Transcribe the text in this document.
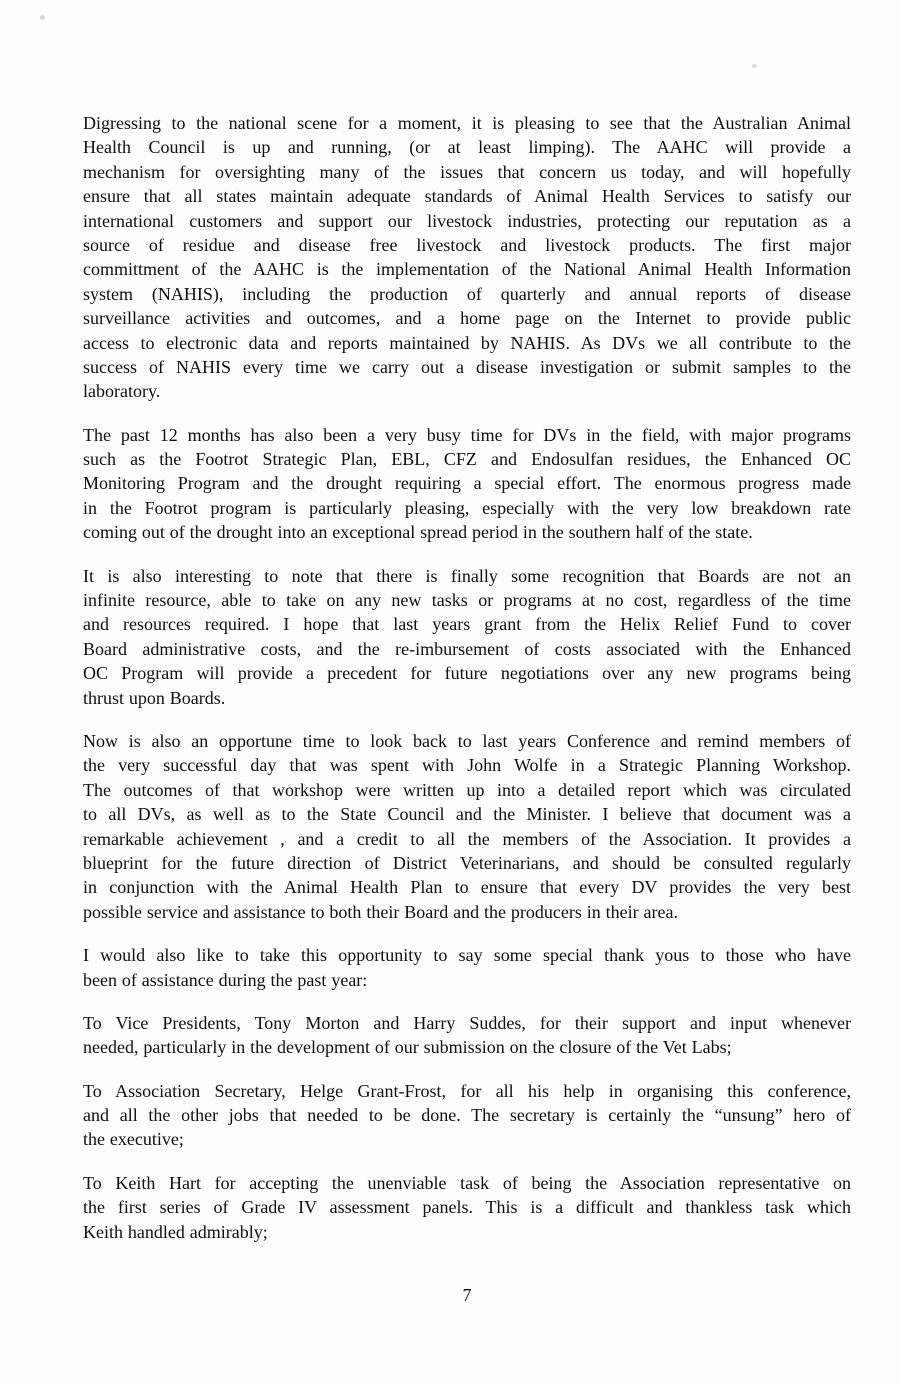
Digressing to the national scene for a moment, it is pleasing to see that the Australian Animal
Health Council is up and running, (or at least limping). The AAHC will provide a
mechanism for oversighting many of the issues that concern us today, and will hopefully
ensure that all states maintain adequate standards of Animal Health Services to satisfy our
international customers and support our livestock industries, protecting our reputation as a
source of residue and disease free livestock and livestock products. The first major
committment of the AAHC is the implementation of the National Animal Health Information
system (NAHIS), including the production of quarterly and annual reports of disease
surveillance activities and outcomes, and a home page on the Internet to provide public
access to electronic data and reports maintained by NAHIS. As DVs we all contribute to the
success of NAHIS every time we carry out a disease investigation or submit samples to the
laboratory.
The past 12 months has also been a very busy time for DVs in the field, with major programs
such as the Footrot Strategic Plan, EBL, CFZ and Endosulfan residues, the Enhanced OC
Monitoring Program and the drought requiring a special effort. The enormous progress made
in the Footrot program is particularly pleasing, especially with the very low breakdown rate
coming out of the drought into an exceptional spread period in the southern half of the state.
It is also interesting to note that there is finally some recognition that Boards are not an
infinite resource, able to take on any new tasks or programs at no cost, regardless of the time
and resources required. I hope that last years grant from the Helix Relief Fund to cover
Board administrative costs, and the re-imbursement of costs associated with the Enhanced
OC Program will provide a precedent for future negotiations over any new programs being
thrust upon Boards.
Now is also an opportune time to look back to last years Conference and remind members of
the very successful day that was spent with John Wolfe in a Strategic Planning Workshop.
The outcomes of that workshop were written up into a detailed report which was circulated
to all DVs, as well as to the State Council and the Minister. I believe that document was a
remarkable achievement , and a credit to all the members of the Association. It provides a
blueprint for the future direction of District Veterinarians, and should be consulted regularly
in conjunction with the Animal Health Plan to ensure that every DV provides the very best
possible service and assistance to both their Board and the producers in their area.
I would also like to take this opportunity to say some special thank yous to those who have
been of assistance during the past year:
To Vice Presidents, Tony Morton and Harry Suddes, for their support and input whenever
needed, particularly in the development of our submission on the closure of the Vet Labs;
To Association Secretary, Helge Grant-Frost, for all his help in organising this conference,
and all the other jobs that needed to be done. The secretary is certainly the “unsung” hero of
the executive;
To Keith Hart for accepting the unenviable task of being the Association representative on
the first series of Grade IV assessment panels. This is a difficult and thankless task which
Keith handled admirably;
7
